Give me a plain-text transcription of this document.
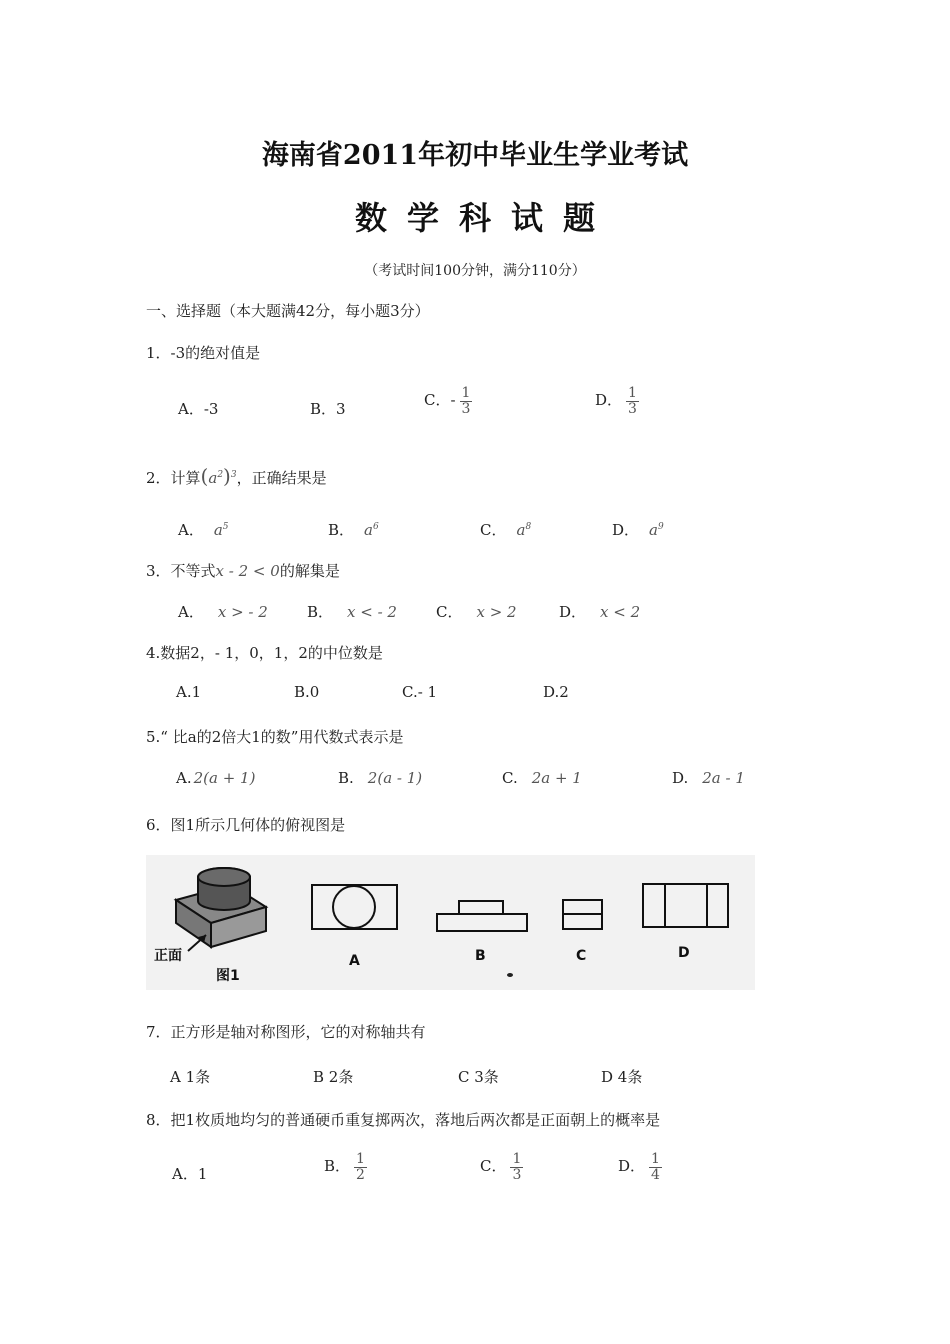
海南省2011年初中毕业生学业考试
数学科试题
（考试时间100分钟，满分110分）
一、选择题（本大题满42分，每小题3分）
1．-3的绝对值是
A．-3	B．3	C．- $\frac{1}{3}$	D． $\frac{1}{3}$
2．计算$(a^2)^3$，正确结果是
A． $a^5$	B． $a^6$	C． $a^8$	D． $a^9$
3．不等式x - 2 < 0的解集是
A． x > - 2	B． x < - 2	C． x > 2	D． x < 2
4.数据2，- 1，0，1，2的中位数是
A.1	B.0	C.- 1	D.2
5.“ 比a的2倍大1的数”用代数式表示是
A. 2(a + 1)	B. 2(a - 1)	C. 2a + 1	D. 2a - 1
6．图1所示几何体的俯视图是
正面
图1
A	B	C	D
7．正方形是轴对称图形，它的对称轴共有
A 1条	B 2条	C 3条	D 4条
8．把1枚质地均匀的普通硬币重复掷两次，落地后两次都是正面朝上的概率是
A．1	B． $\frac{1}{2}$	C． $\frac{1}{3}$	D． $\frac{1}{4}$
